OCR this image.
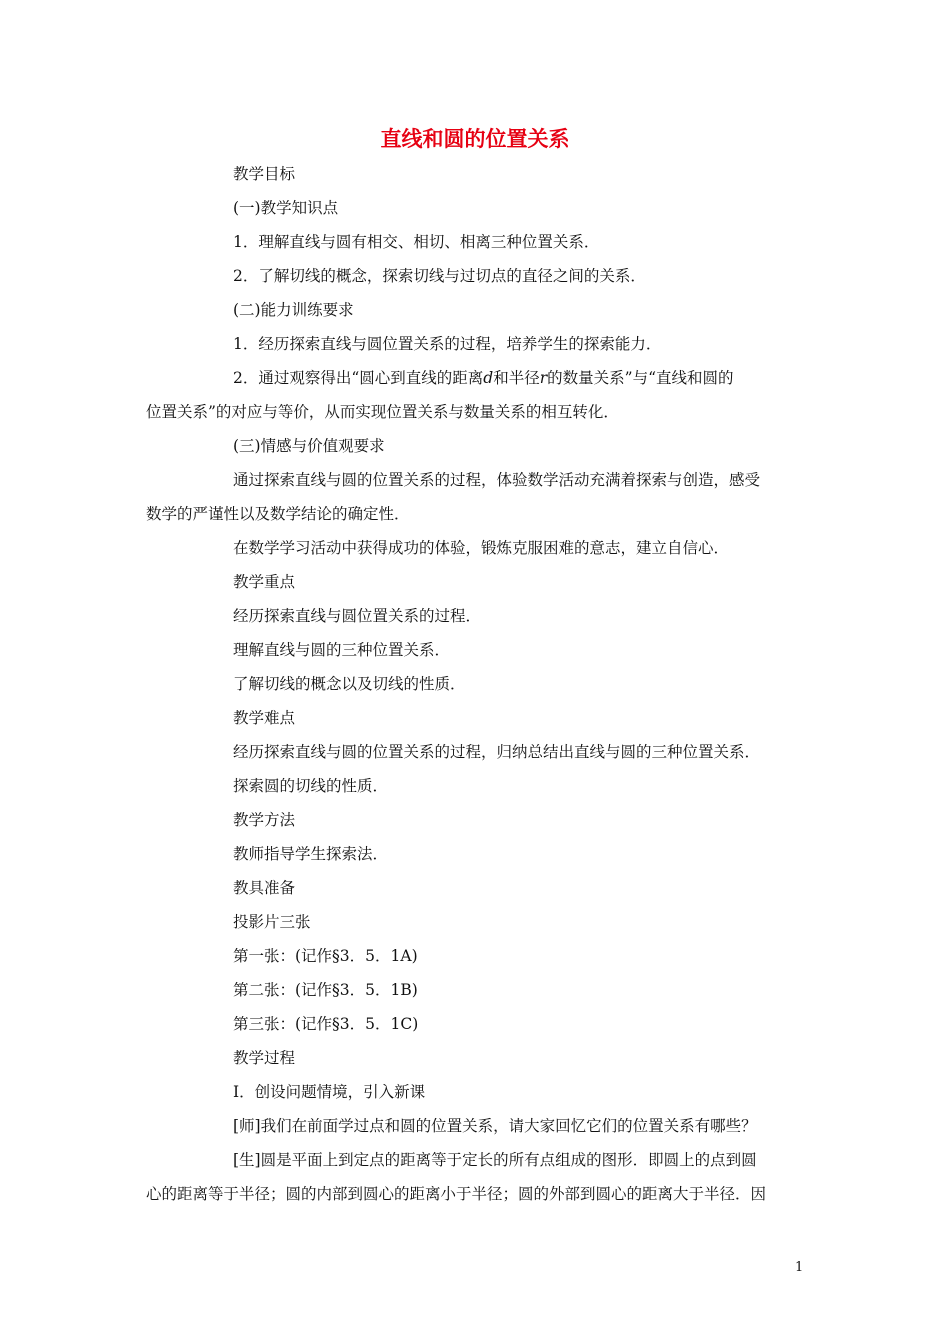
直线和圆的位置关系
教学目标
(一)教学知识点
1．理解直线与圆有相交、相切、相离三种位置关系．
2．了解切线的概念，探索切线与过切点的直径之间的关系．
(二)能力训练要求
1．经历探索直线与圆位置关系的过程，培养学生的探索能力．
2．通过观察得出“圆心到直线的距离d和半径r的数量关系”与“直线和圆的
位置关系”的对应与等价，从而实现位置关系与数量关系的相互转化．
(三)情感与价值观要求
通过探索直线与圆的位置关系的过程，体验数学活动充满着探索与创造，感受
数学的严谨性以及数学结论的确定性．
在数学学习活动中获得成功的体验，锻炼克服困难的意志，建立自信心．
教学重点
经历探索直线与圆位置关系的过程．
理解直线与圆的三种位置关系．
了解切线的概念以及切线的性质．
教学难点
经历探索直线与圆的位置关系的过程，归纳总结出直线与圆的三种位置关系．
探索圆的切线的性质．
教学方法
教师指导学生探索法．
教具准备
投影片三张
第一张：(记作§3．5．1A)
第二张：(记作§3．5．1B)
第三张：(记作§3．5．1C)
教学过程
Ⅰ．创设问题情境，引入新课
[师]我们在前面学过点和圆的位置关系，请大家回忆它们的位置关系有哪些？
[生]圆是平面上到定点的距离等于定长的所有点组成的图形．即圆上的点到圆
心的距离等于半径；圆的内部到圆心的距离小于半径；圆的外部到圆心的距离大于半径．因
1
